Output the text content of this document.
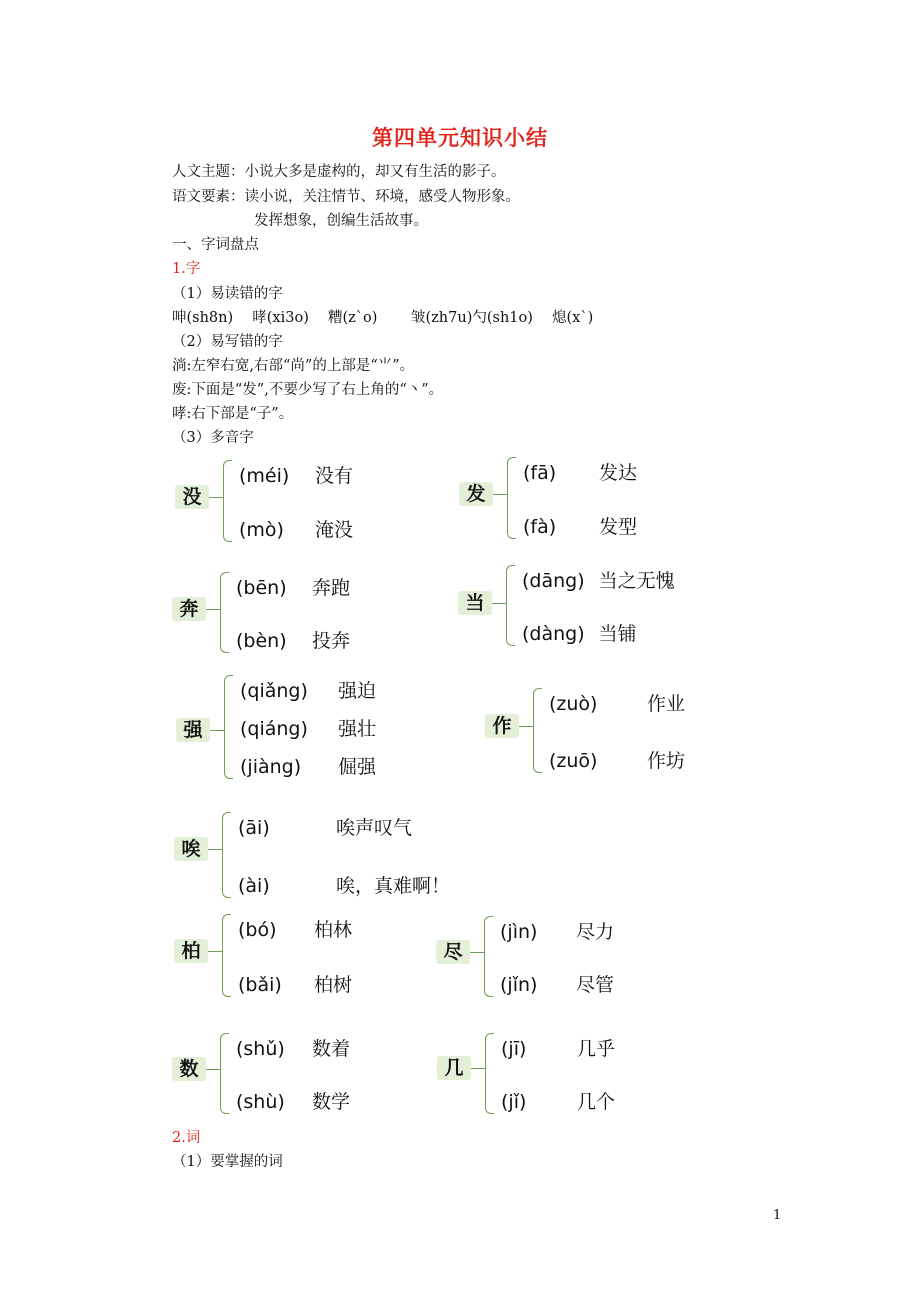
第四单元知识小结
人文主题：小说大多是虚构的，却又有生活的影子。
语文要素：读小说，关注情节、环境，感受人物形象。
发挥想象，创编生活故事。
一、字词盘点
1.字
（1）易读错的字
呻(sh8n)　 哮(xi3o)　 糟(z`o)　　 皱(zh7u)勺(sh1o)　 熄(x`)
（2）易写错的字
淌:左窄右宽,右部“尚”的上部是“⺌”。
废:下面是“发”,不要少写了右上角的“丶”。
哮:右下部是“子”。
（3）多音字
没
(méi) 没有
(mò) 淹没
发
(fā) 发达
(fà) 发型
奔
(bēn) 奔跑
(bèn) 投奔
当
(dāng) 当之无愧
(dàng) 当铺
强
(qiǎng) 强迫
(qiáng) 强壮
(jiàng) 倔强
作
(zuò)	作业
(zuō)	作坊
唉
(āi)	唉声叹气
(ài)	唉，真难啊！
柏
(bó) 柏林
(bǎi) 柏树
尽
(jìn) 尽力
(jǐn) 尽管
数
(shǔ) 数着
(shù) 数学
几
(jī)	几乎
(jǐ)	几个
2.词
（1）要掌握的词
1
